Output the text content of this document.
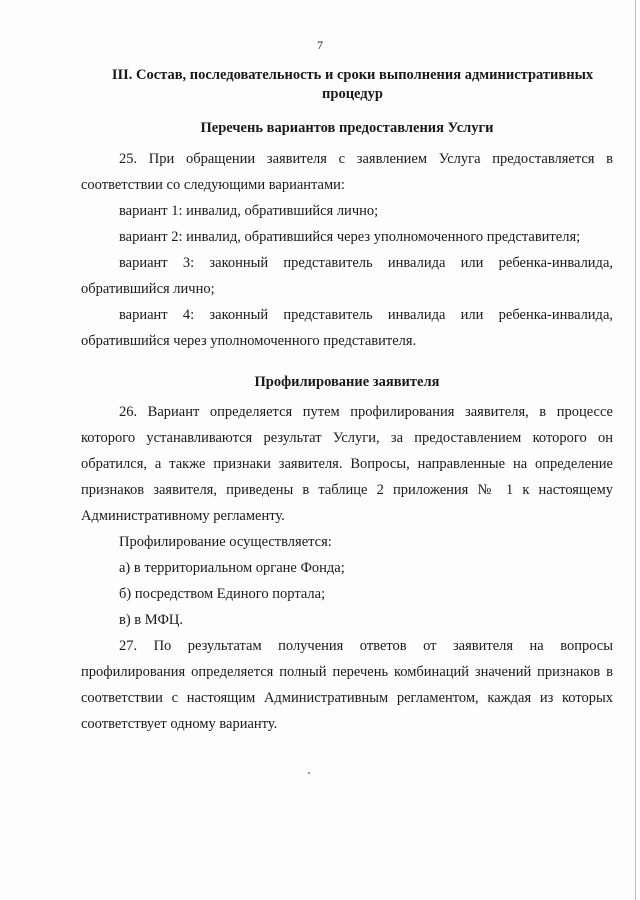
7
III. Состав, последовательность и сроки выполнения административных процедур
Перечень вариантов предоставления Услуги

25. При обращении заявителя с заявлением Услуга предоставляется в соответствии со следующими вариантами:

вариант 1: инвалид, обратившийся лично;

вариант 2: инвалид, обратившийся через уполномоченного представителя;

вариант 3: законный представитель инвалида или ребенка-инвалида, обратившийся лично;

вариант 4: законный представитель инвалида или ребенка-инвалида, обратившийся через уполномоченного представителя.

Профилирование заявителя

26. Вариант определяется путем профилирования заявителя, в процессе которого устанавливаются результат Услуги, за предоставлением которого он обратился, а также признаки заявителя. Вопросы, направленные на определение признаков заявителя, приведены в таблице 2 приложения № 1 к настоящему Административному регламенту.

Профилирование осуществляется:

а) в территориальном органе Фонда;

б) посредством Единого портала;

в) в МФЦ.

27. По результатам получения ответов от заявителя на вопросы профилирования определяется полный перечень комбинаций значений признаков в соответствии с настоящим Административным регламентом, каждая из которых соответствует одному варианту.
